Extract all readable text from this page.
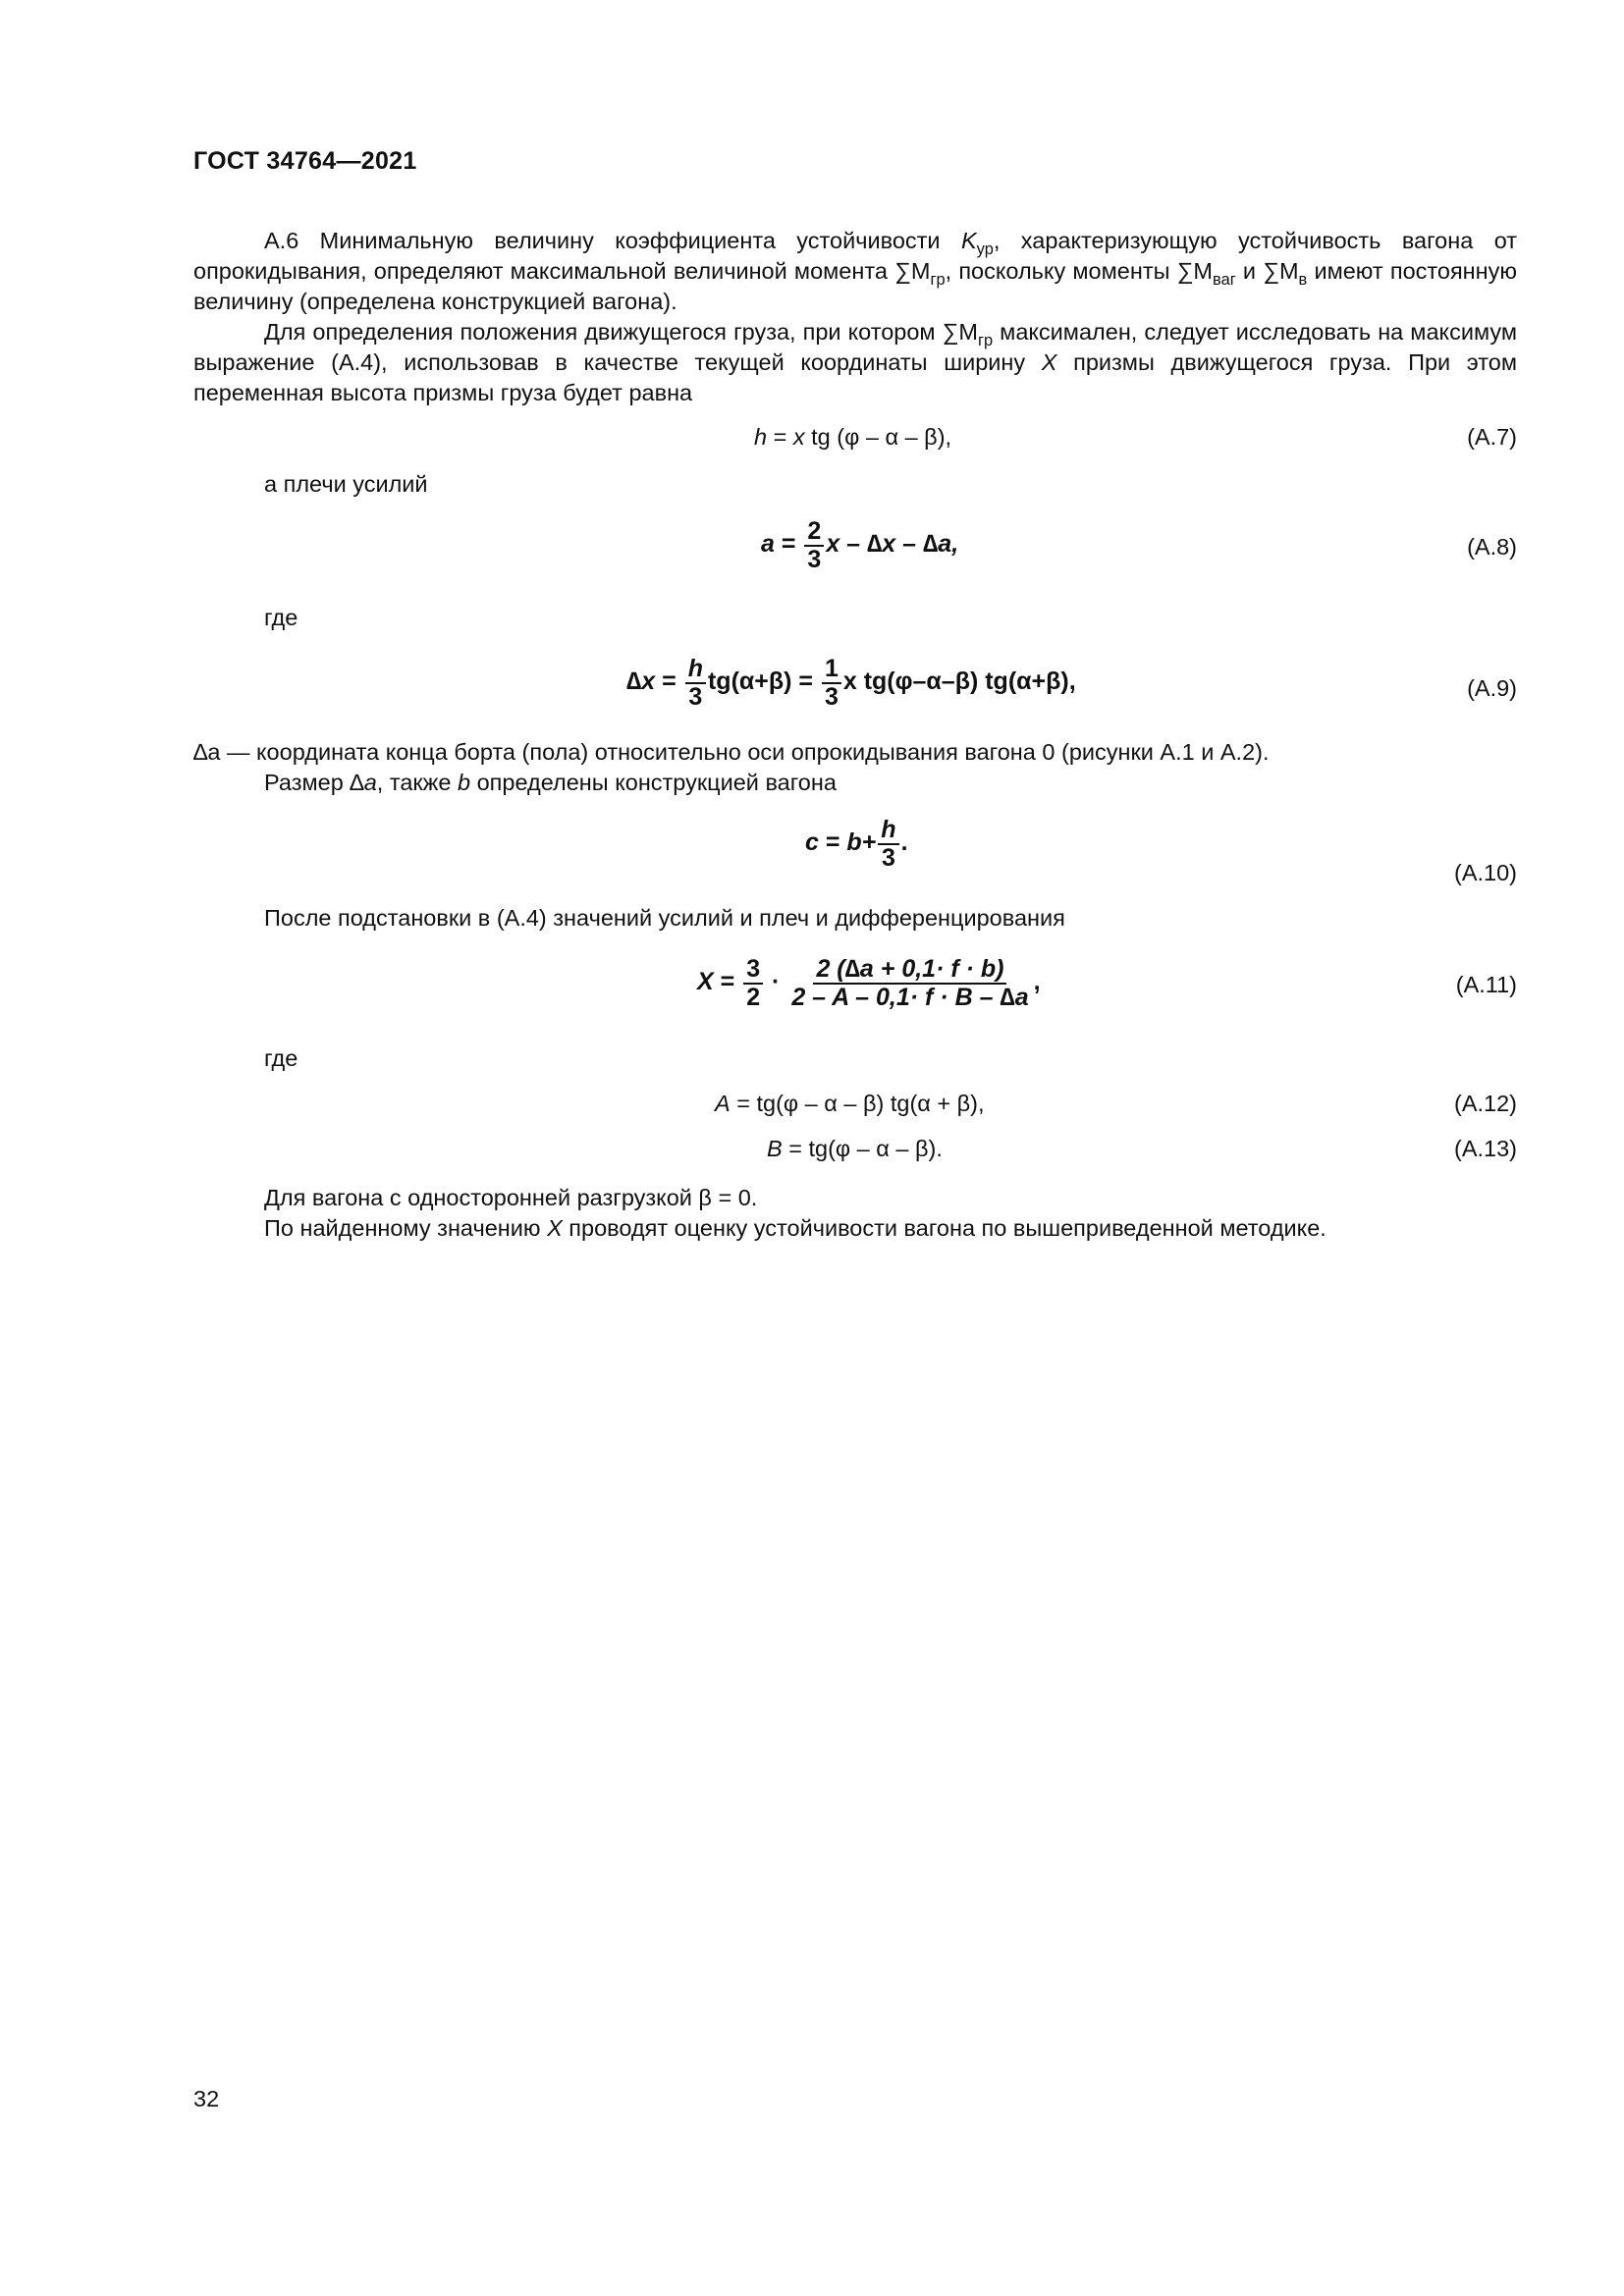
ГОСТ 34764—2021
А.6 Минимальную величину коэффициента устойчивости $K_{ур}$, характеризующую устойчивость вагона от опрокидывания, определяют максимальной величиной момента $\sum M_{гр}$, поскольку моменты $\sum M_{ваг}$ и $\sum M_в$ имеют постоянную величину (определена конструкцией вагона).
Для определения положения движущегося груза, при котором $\sum M_{гр}$ максимален, следует исследовать на максимум выражение (А.4), использовав в качестве текущей координаты ширину X призмы движущегося груза. При этом переменная высота призмы груза будет равна
h = x tg (φ – α – β),	(А.7)
а плечи усилий
$a = \frac{2}{3}$ x – ∆x – ∆a,	(А.8)
где
$\Delta x = \frac{h}{3} tg(\alpha+\beta) = \frac{1}{3}$ x tg(φ–α–β) tg(α+β),	(А.9)
∆a — координата конца борта (пола) относительно оси опрокидывания вагона 0 (рисунки А.1 и А.2).
Размер ∆a, также b определены конструкцией вагона
$c = b+ \frac{h}{3}$ .
(А.10)
После подстановки в (А.4) значений усилий и плеч и дифференцирования
$X = \frac{3}{2} \cdot \frac{2 (\Delta a + 0,1\cdot f \cdot b)}{2 - A - 0,1\cdot f \cdot B - \Delta a}$ ,	(А.11)
где
A = tg(φ – α – β) tg(α + β),	(А.12)
B = tg(φ – α – β).	(А.13)
Для вагона с односторонней разгрузкой β = 0.
По найденному значению X проводят оценку устойчивости вагона по вышеприведенной методике.
32
